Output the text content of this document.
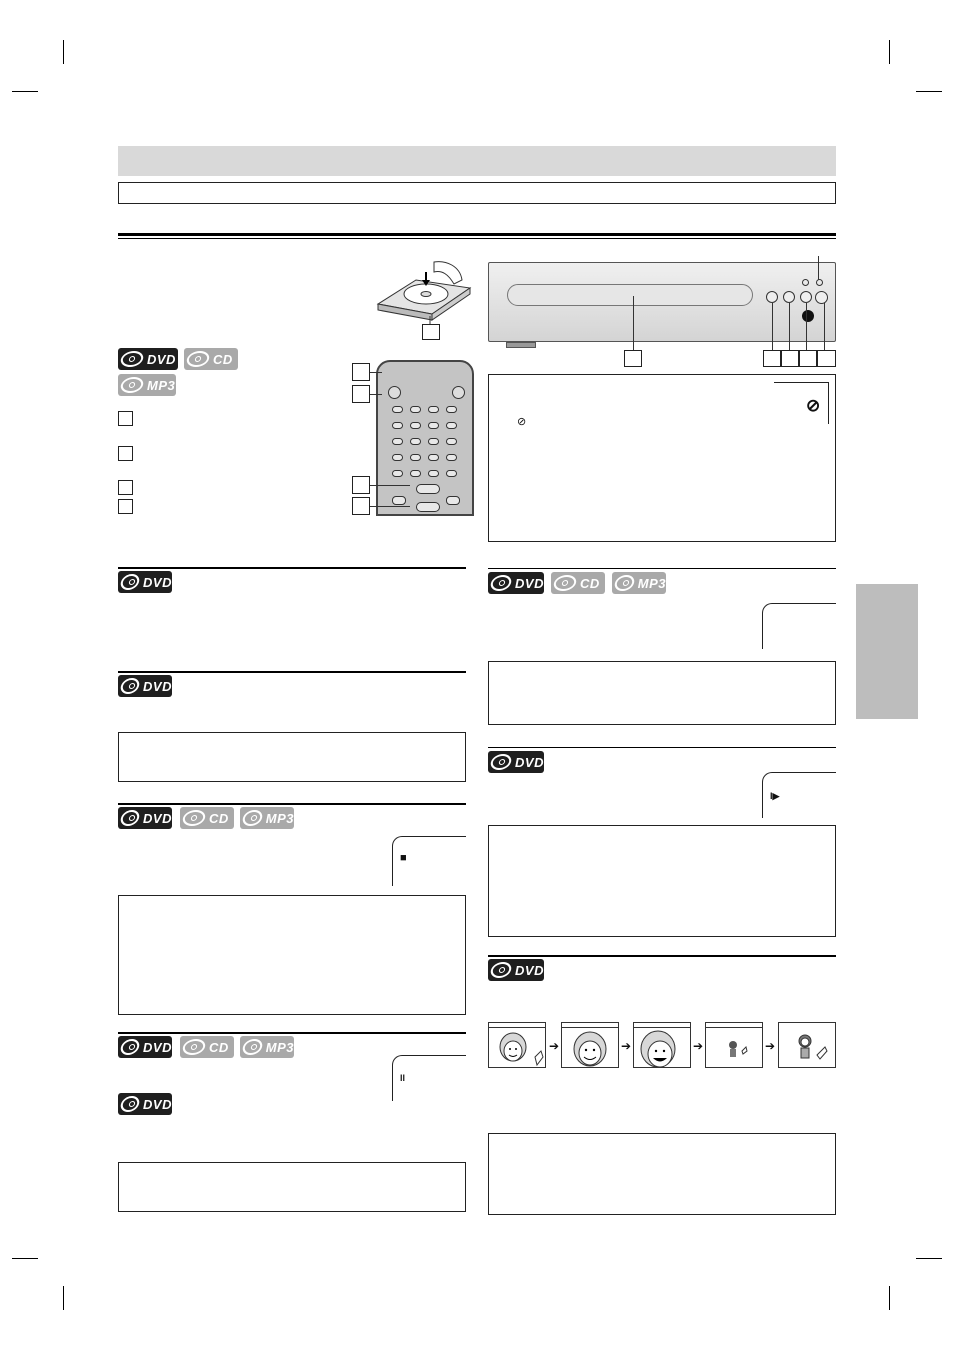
DVD	CD
MP3
DVD
DVD
DVD	CD	MP3
■
DVD	CD	MP3
DVD
ll
⊘
⊘
DVD	CD	MP3
DVD
I▶
DVD
➔	➔	➔	➔
